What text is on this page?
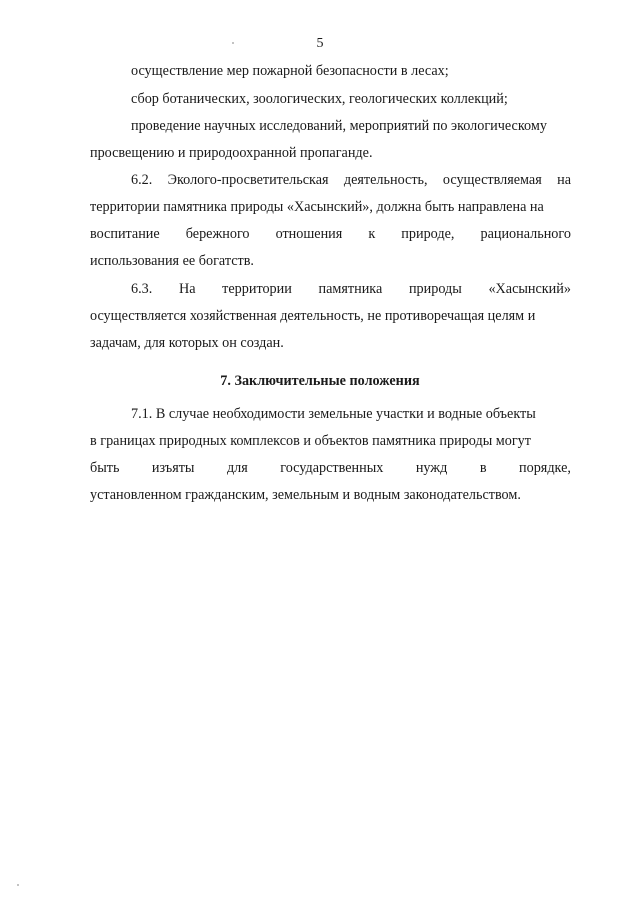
5
осуществление мер пожарной безопасности в лесах;
сбор ботанических, зоологических, геологических коллекций;
проведение научных исследований, мероприятий по экологическому
просвещению и природоохранной пропаганде.
6.2. Эколого-просветительская деятельность, осуществляемая на
территории памятника природы «Хасынский», должна быть направлена на
воспитание бережного отношения к природе, рационального
использования ее богатств.
6.3. На территории памятника природы «Хасынский»
осуществляется хозяйственная деятельность, не противоречащая целям и
задачам, для которых он создан.
7. Заключительные положения
7.1. В случае необходимости земельные участки и водные объекты
в границах природных комплексов и объектов памятника природы могут
быть изъяты для государственных нужд в порядке,
установленном гражданским, земельным и водным законодательством.
